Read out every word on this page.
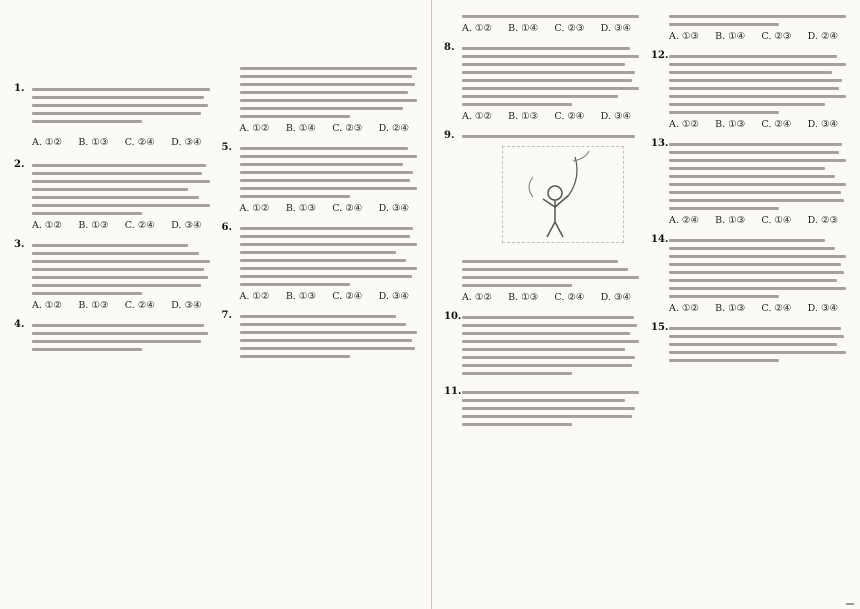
1.
A. ①② B. ①③ C. ②④ D. ③④
2.
A. ①② B. ①③ C. ②④ D. ③④
3.
A. ①② B. ①③ C. ②④ D. ③④
4.
A. ①② B. ①④ C. ②③ D. ②④
5.
A. ①② B. ①③ C. ②④ D. ③④
6.
A. ①② B. ①③ C. ②④ D. ③④
7.
A. ①② B. ①④ C. ②③ D. ③④
8.
A. ①② B. ①③ C. ②④ D. ③④
9.
A. ①② B. ①③ C. ②④ D. ③④
10.
11.
A. ①③ B. ①④ C. ②③ D. ②④
12.
A. ①② B. ①③ C. ②④ D. ③④
13.
A. ②④ B. ①③ C. ①④ D. ②③
14.
A. ①② B. ①③ C. ②④ D. ③④
15.
